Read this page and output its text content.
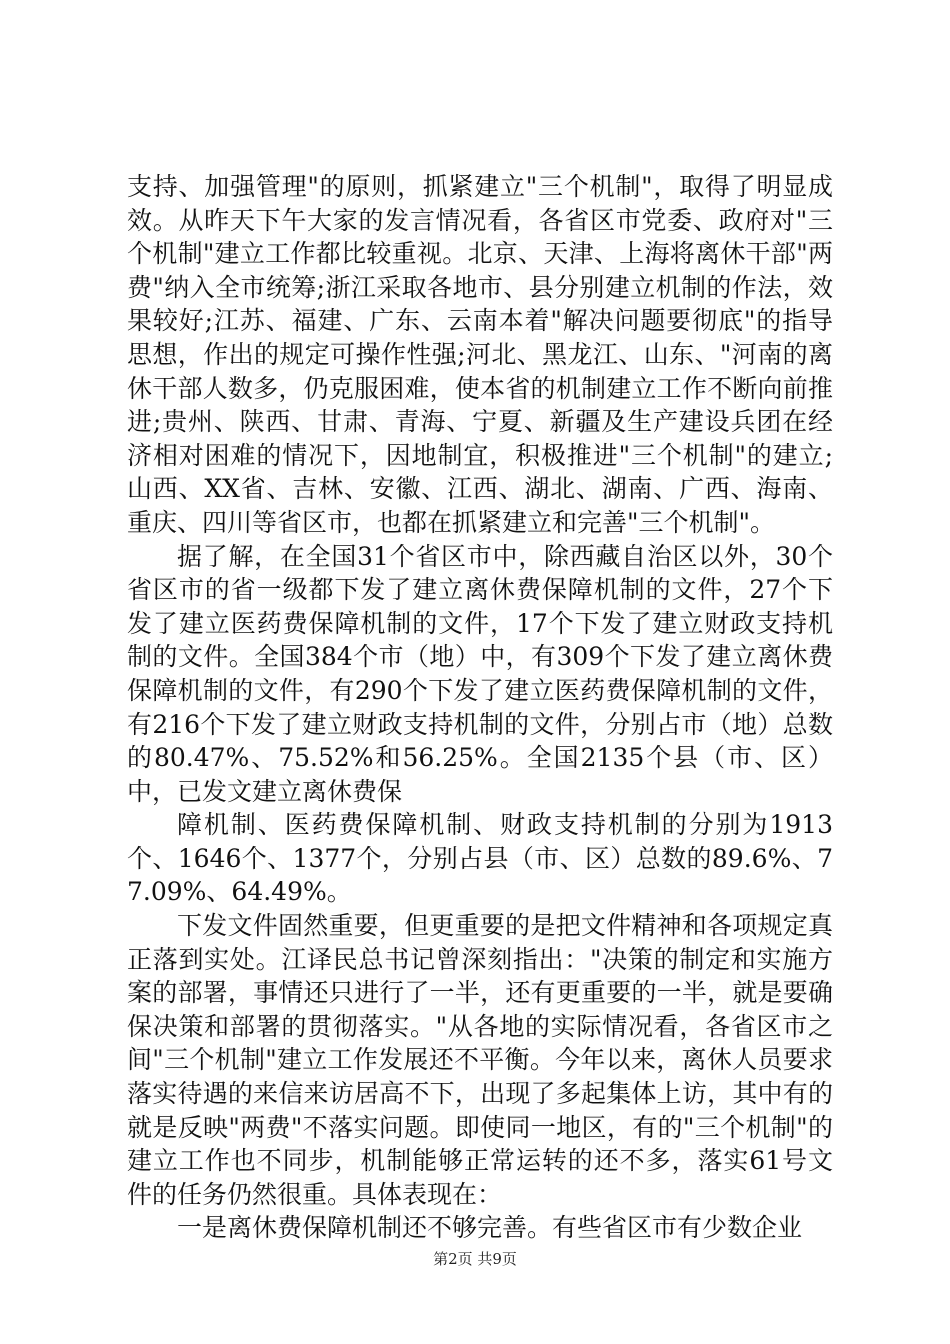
支持、加强管理"的原则，抓紧建立"三个机制"，取得了明显成效。从昨天下午大家的发言情况看，各省区市党委、政府对"三个机制"建立工作都比较重视。北京、天津、上海将离休干部"两费"纳入全市统筹;浙江采取各地市、县分别建立机制的作法，效果较好;江苏、福建、广东、云南本着"解决问题要彻底"的指导思想，作出的规定可操作性强;河北、黑龙江、山东、"河南的离休干部人数多，仍克服困难，使本省的机制建立工作不断向前推进;贵州、陕西、甘肃、青海、宁夏、新疆及生产建设兵团在经济相对困难的情况下，因地制宜，积极推进"三个机制"的建立;山西、XX省、吉林、安徽、江西、湖北、湖南、广西、海南、重庆、四川等省区市，也都在抓紧建立和完善"三个机制"。

据了解，在全国31个省区市中，除西藏自治区以外，30个省区市的省一级都下发了建立离休费保障机制的文件，27个下发了建立医药费保障机制的文件，17个下发了建立财政支持机制的文件。全国384个市（地）中，有309个下发了建立离休费保障机制的文件，有290个下发了建立医药费保障机制的文件，有216个下发了建立财政支持机制的文件，分别占市（地）总数的80.47%、75.52%和56.25%。全国2135个县（市、区）中，已发文建立离休费保

障机制、医药费保障机制、财政支持机制的分别为1913个、1646个、1377个，分别占县（市、区）总数的89.6%、77.09%、64.49%。

下发文件固然重要，但更重要的是把文件精神和各项规定真正落到实处。江译民总书记曾深刻指出："决策的制定和实施方案的部署，事情还只进行了一半，还有更重要的一半，就是要确保决策和部署的贯彻落实。"从各地的实际情况看，各省区市之间"三个机制"建立工作发展还不平衡。今年以来，离休人员要求落实待遇的来信来访居高不下，出现了多起集体上访，其中有的就是反映"两费"不落实问题。即使同一地区，有的"三个机制"的建立工作也不同步，机制能够正常运转的还不多，落实61号文件的任务仍然很重。具体表现在：

一是离休费保障机制还不够完善。有些省区市有少数企业

第2页 共9页
